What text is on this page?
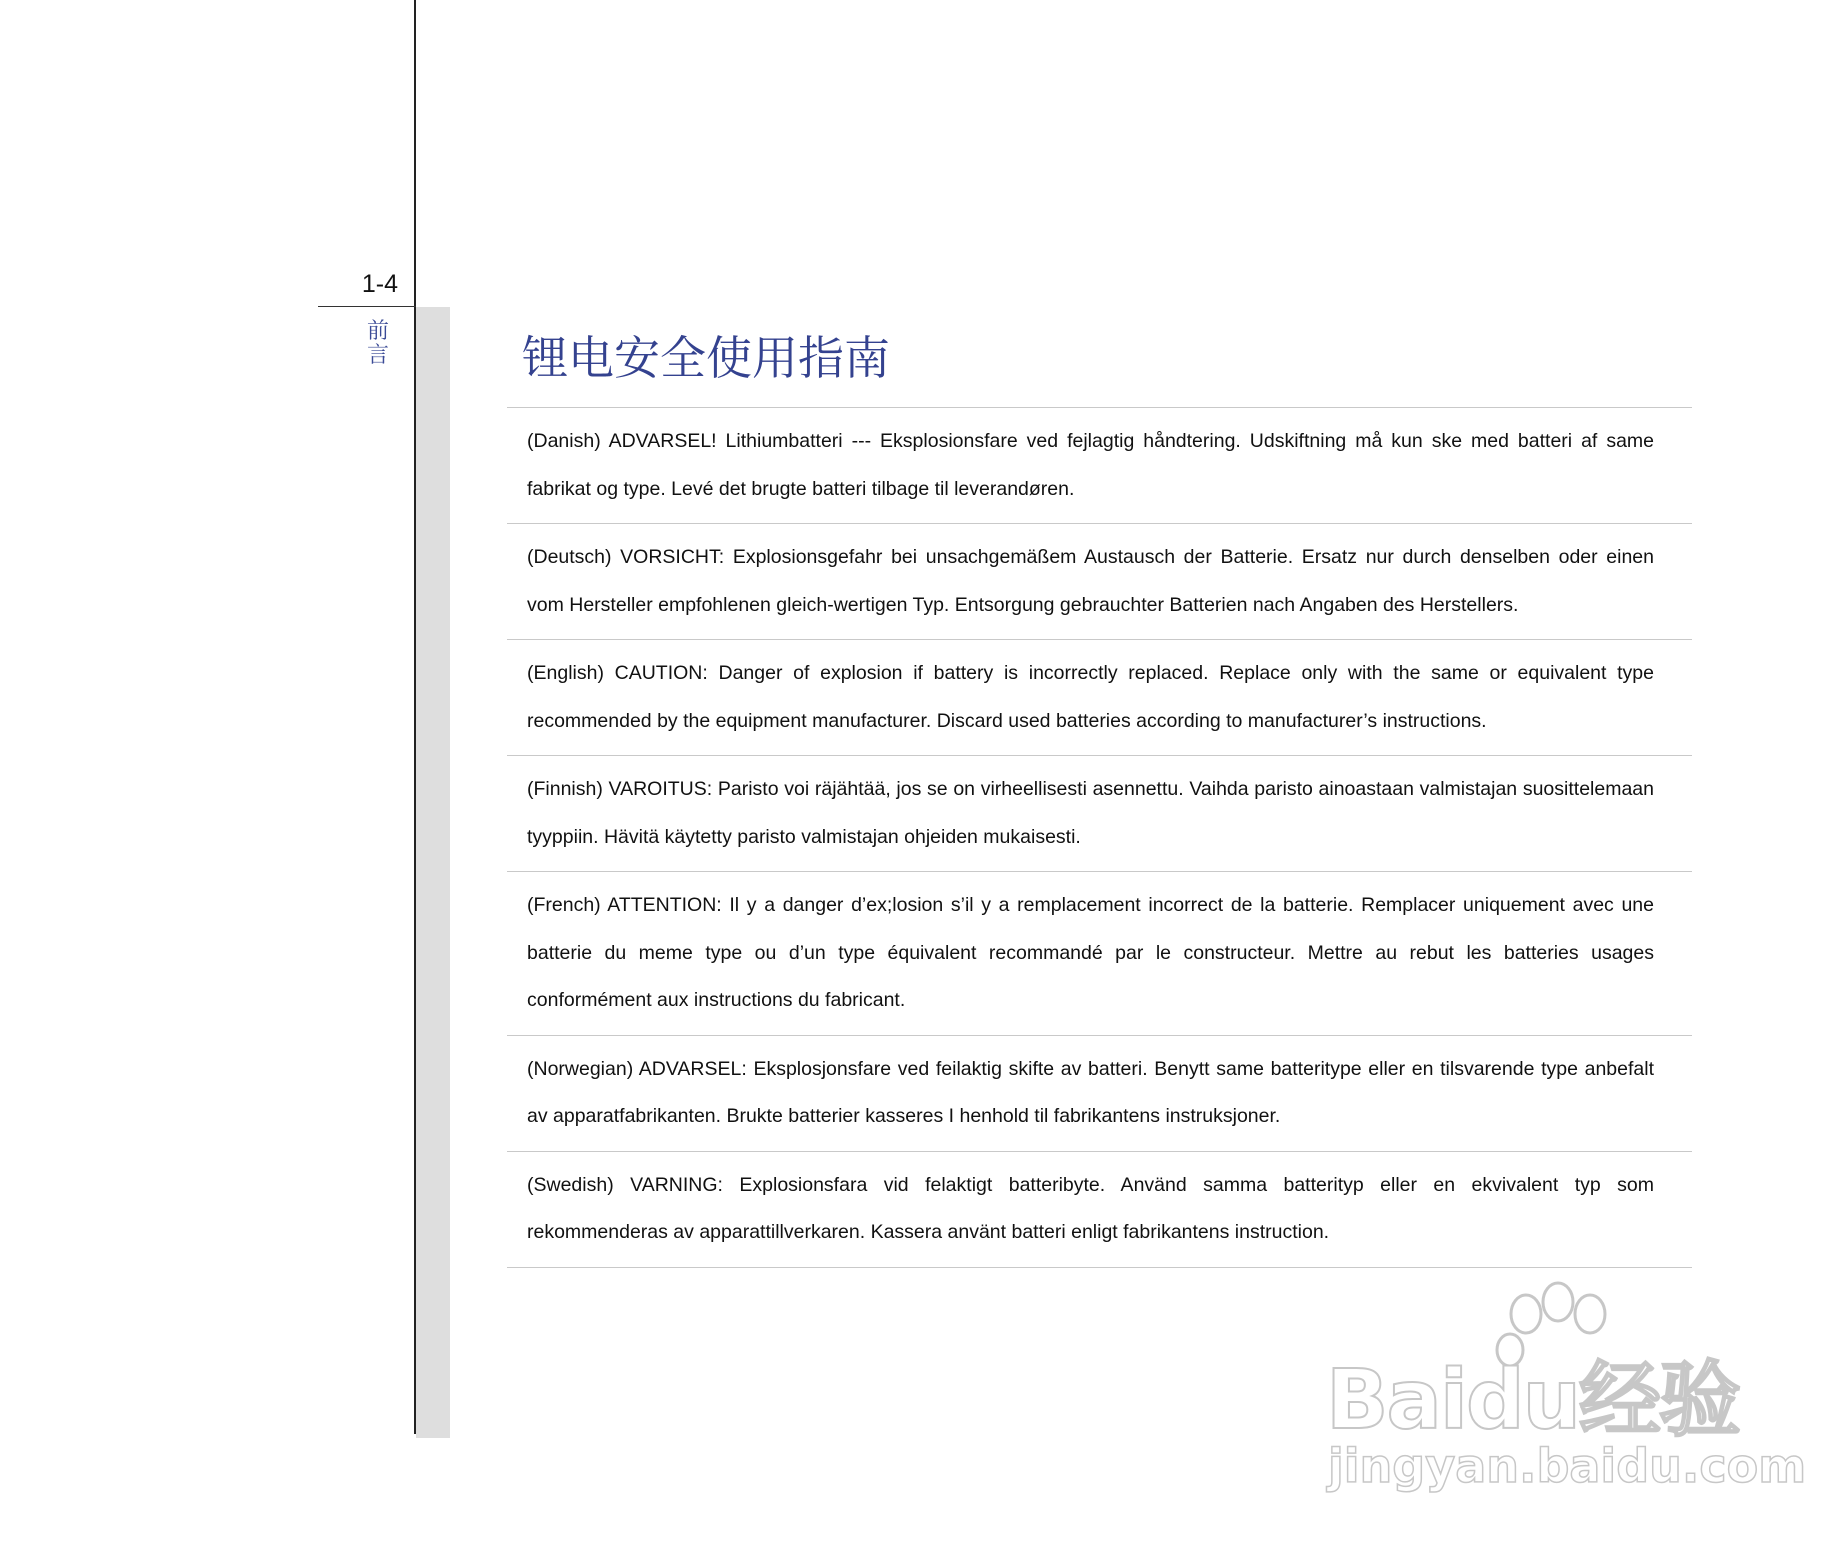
1-4
前言	锂电安全使用指南

(Danish) ADVARSEL! Lithiumbatteri --- Eksplosionsfare ved fejlagtig håndtering. Udskiftning må kun ske med batteri af same fabrikat og type. Levé det brugte batteri tilbage til leverandøren.

(Deutsch) VORSICHT: Explosionsgefahr bei unsachgemäßem Austausch der Batterie. Ersatz nur durch denselben oder einen vom Hersteller empfohlenen gleich-wertigen Typ. Entsorgung gebrauchter Batterien nach Angaben des Herstellers.

(English) CAUTION: Danger of explosion if battery is incorrectly replaced. Replace only with the same or equivalent type recommended by the equipment manufacturer. Discard used batteries according to manufacturer’s instructions.

(Finnish) VAROITUS: Paristo voi räjähtää, jos se on virheellisesti asennettu. Vaihda paristo ainoastaan valmistajan suosittelemaan tyyppiin. Hävitä käytetty paristo valmistajan ohjeiden mukaisesti.

(French) ATTENTION: Il y a danger d’ex;losion s’il y a remplacement incorrect de la batterie. Remplacer uniquement avec une batterie du meme type ou d’un type équivalent recommandé par le constructeur. Mettre au rebut les batteries usages conformément aux instructions du fabricant.

(Norwegian) ADVARSEL: Eksplosjonsfare ved feilaktig skifte av batteri. Benytt same batteritype eller en tilsvarende type anbefalt av apparatfabrikanten. Brukte batterier kasseres I henhold til fabrikantens instruksjoner.

(Swedish) VARNING: Explosionsfara vid felaktigt batteribyte. Använd samma batterityp eller en ekvivalent typ som rekommenderas av apparattillverkaren. Kassera använt batteri enligt fabrikantens instruction.

Baidu经验
jingyan.baidu.com
